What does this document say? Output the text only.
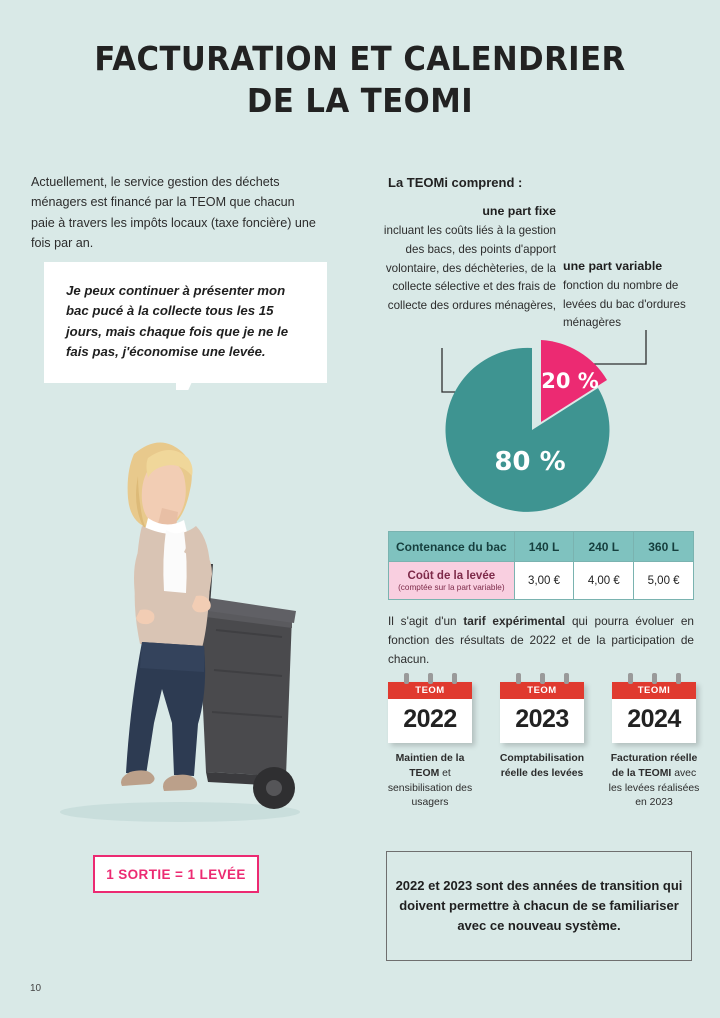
FACTURATION ET CALENDRIER
DE LA TEOMI
Actuellement, le service gestion des déchets ménagers est financé par la TEOM que chacun paie à travers les impôts locaux (taxe foncière) une fois par an.
Je peux continuer à présenter mon bac pucé à la collecte tous les 15 jours, mais chaque fois que je ne le fais pas, j'économise une levée.
1 SORTIE = 1 LEVÉE
10
La TEOMi comprend :
une part fixe
incluant les coûts liés à la gestion des bacs, des points d'apport volontaire, des déchèteries, de la collecte sélective et des frais de collecte des ordures ménagères,
une part variable
fonction du nombre de levées du bac d'ordures ménagères
80 %
20 %
Contenance du bac	140 L	240 L	360 L
Coût de la levée
(comptée sur la part variable)	3,00 €	4,00 €	5,00 €
Il s'agit d'un tarif expérimental qui pourra évoluer en fonction des résultats de 2022 et de la participation de chacun.
TEOM
2022
Maintien de la TEOM et sensibilisation des usagers
TEOM
2023
Comptabilisation réelle des levées
TEOMI
2024
Facturation réelle de la TEOMI avec les levées réalisées en 2023

2022 et 2023 sont des années de transition qui doivent permettre à chacun de se familiariser avec ce nouveau système.
